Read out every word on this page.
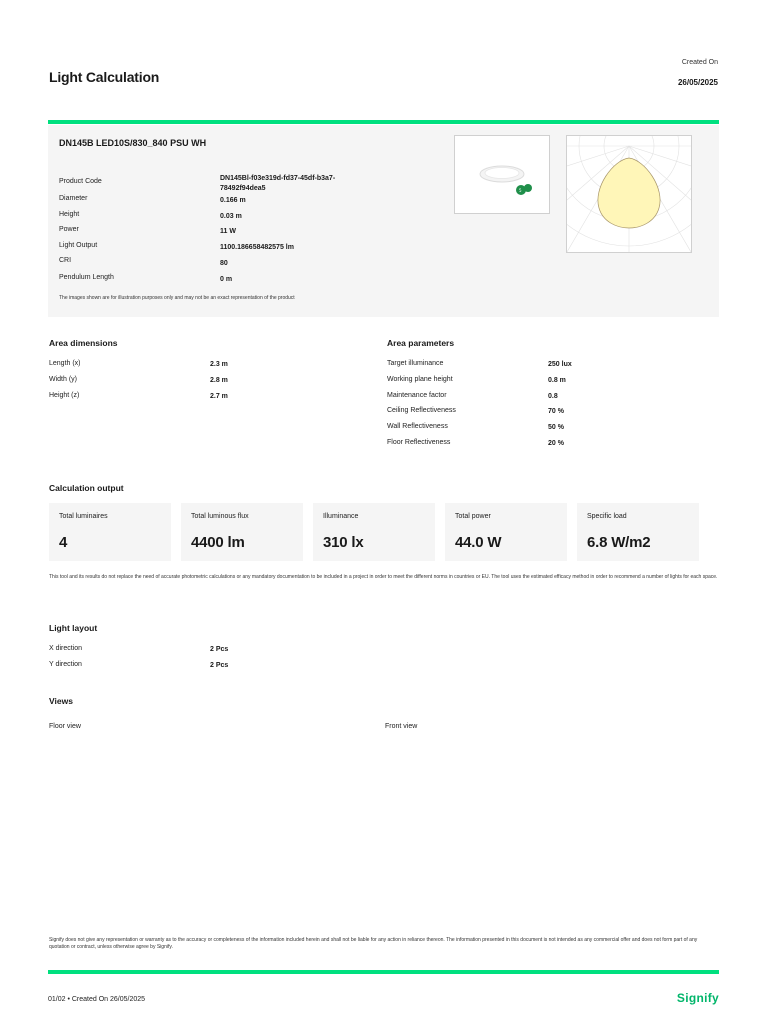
Light Calculation
Created On
26/05/2025
DN145B LED10S/830_840 PSU WH
Product Code	DN145Bl-f03e319d-fd37-45df-b3a7-78492f94dea5
Diameter	0.166 m
Height	0.03 m
Power	11 W
Light Output	1100.186658482575 lm
CRI	80
Pendulum Length	0 m
The images shown are for illustration purposes only and may not be an exact representation of the product
5
Area dimensions
Length (x)	2.3 m
Width (y)	2.8 m
Height (z)	2.7 m
Area parameters
Target illuminance	250 lux
Working plane height	0.8 m
Maintenance factor	0.8
Ceiling Reflectiveness	70 %
Wall Reflectiveness	50 %
Floor Reflectiveness	20 %
Calculation output
Total luminaires
4
Total luminous flux
4400 lm
Illuminance
310 lx
Total power
44.0 W
Specific load
6.8 W/m2
This tool and its results do not replace the need of accurate photometric calculations or any mandatory documentation to be included in a project in order to meet the different norms in countries or EU. The tool uses the estimated efficacy method in order to recommend a number of lights for each space.
Light layout
X direction	2 Pcs
Y direction	2 Pcs
Views
Floor view	Front view
Signify does not give any representation or warranty as to the accuracy or completeness of the information included herein and shall not be liable for any action in reliance thereon. The information presented in this document is not intended as any commercial offer and does not form part of any quotation or contract, unless otherwise agree by Signify.
01/02 • Created On 26/05/2025	Signify
